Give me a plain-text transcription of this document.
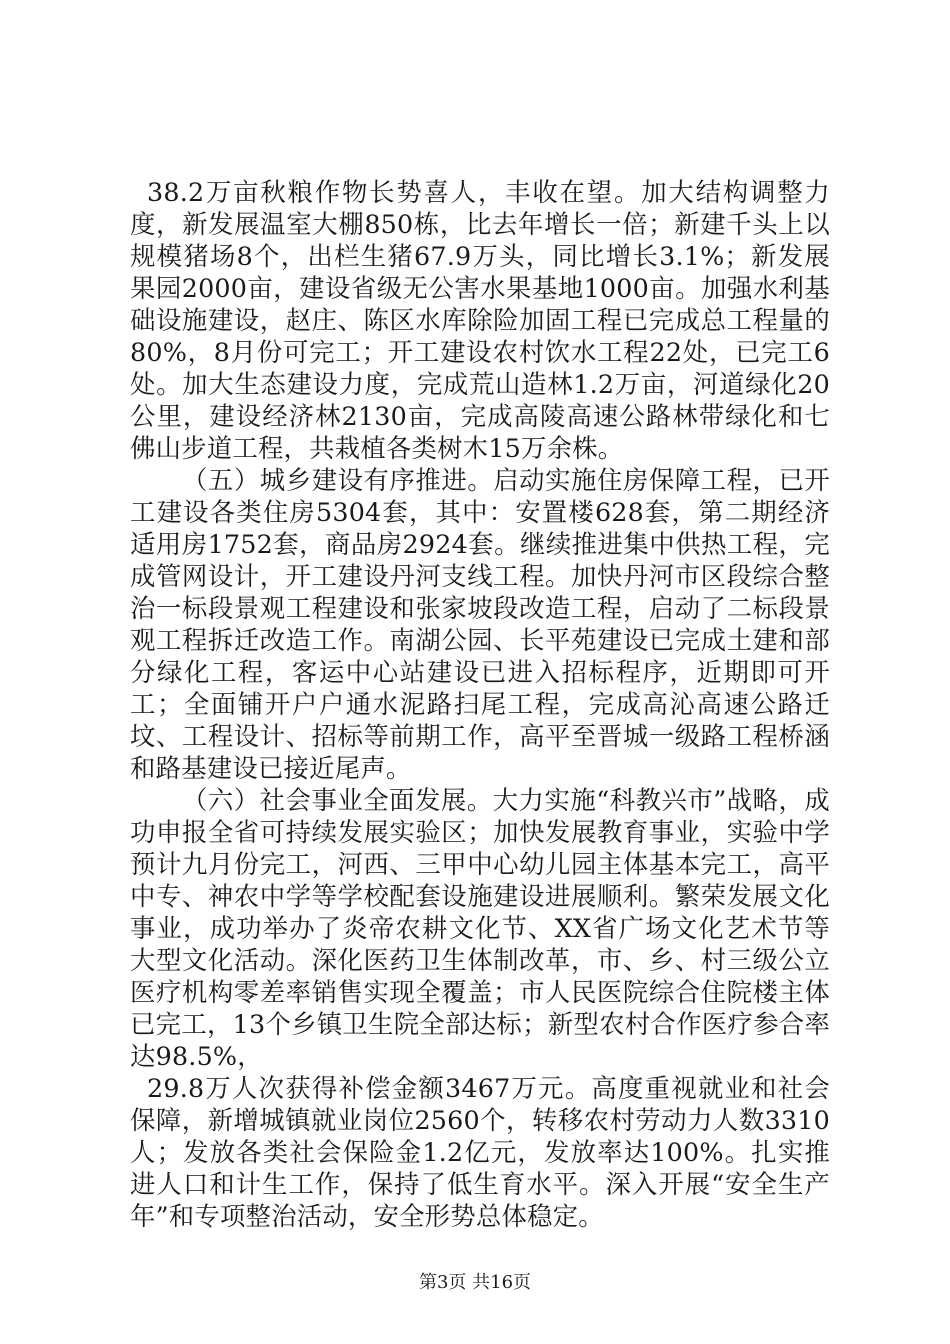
38.2万亩秋粮作物长势喜人，丰收在望。加大结构调整力度，新发展温室大棚850栋，比去年增长一倍；新建千头上以规模猪场8个，出栏生猪67.9万头，同比增长3.1%；新发展果园2000亩，建设省级无公害水果基地1000亩。加强水利基础设施建设，赵庄、陈区水库除险加固工程已完成总工程量的80%，8月份可完工；开工建设农村饮水工程22处，已完工6处。加大生态建设力度，完成荒山造林1.2万亩，河道绿化20公里，建设经济林2130亩，完成高陵高速公路林带绿化和七佛山步道工程，共栽植各类树木15万余株。

（五）城乡建设有序推进。启动实施住房保障工程，已开工建设各类住房5304套，其中：安置楼628套，第二期经济适用房1752套，商品房2924套。继续推进集中供热工程，完成管网设计，开工建设丹河支线工程。加快丹河市区段综合整治一标段景观工程建设和张家坡段改造工程，启动了二标段景观工程拆迁改造工作。南湖公园、长平苑建设已完成土建和部分绿化工程，客运中心站建设已进入招标程序，近期即可开工；全面铺开户户通水泥路扫尾工程，完成高沁高速公路迁坟、工程设计、招标等前期工作，高平至晋城一级路工程桥涵和路基建设已接近尾声。

（六）社会事业全面发展。大力实施“科教兴市”战略，成功申报全省可持续发展实验区；加快发展教育事业，实验中学预计九月份完工，河西、三甲中心幼儿园主体基本完工，高平中专、神农中学等学校配套设施建设进展顺利。繁荣发展文化事业，成功举办了炎帝农耕文化节、XX省广场文化艺术节等大型文化活动。深化医药卫生体制改革，市、乡、村三级公立医疗机构零差率销售实现全覆盖；市人民医院综合住院楼主体已完工，13个乡镇卫生院全部达标；新型农村合作医疗参合率达98.5%，

29.8万人次获得补偿金额3467万元。高度重视就业和社会保障，新增城镇就业岗位2560个，转移农村劳动力人数3310人；发放各类社会保险金1.2亿元，发放率达100%。扎实推进人口和计生工作，保持了低生育水平。深入开展“安全生产年”和专项整治活动，安全形势总体稳定。

第3页 共16页
